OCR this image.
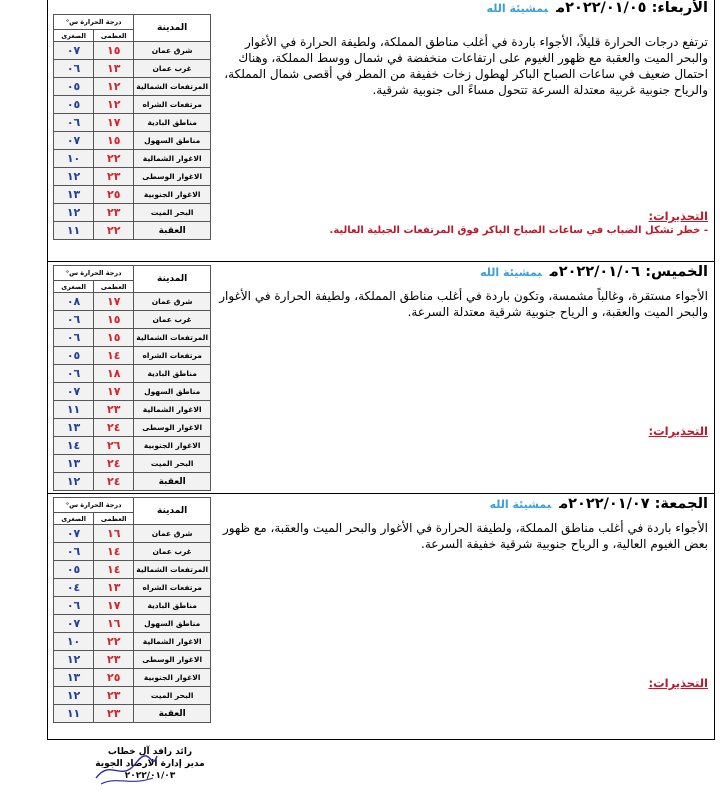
المدينة	درجة الحرارة س°	
	العظمى	الصغرى
شرق عمان	١٥	٠٧
غرب عمان	١٣	٠٦
المرتفعات الشمالية	١٢	٠٥
مرتفعات الشراه	١٢	٠٥
مناطق البادية	١٧	٠٦
مناطق السهول	١٥	٠٧
الاغوار الشمالية	٢٢	١٠
الاغوار الوسطى	٢٣	١٢
الاغوار الجنوبية	٢٥	١٣
البحر الميت	٢٣	١٢
العقبة	٢٢	١١
الأربعاء: ٢٠٢٢/٠١/٠٥مبمشيئة الله
ترتفع درجات الحرارة قليلاً، الأجواء باردة في أغلب مناطق المملكة، ولطيفة الحرارة في الأغوار والبحر الميت والعقبة مع ظهور الغيوم على ارتفاعات منخفضة في شمال ووسط المملكة، وهناك احتمال ضعيف في ساعات الصباح الباكر لهطول زخات خفيفة من المطر في أقصى شمال المملكة، والرياح جنوبية غربية معتدلة السرعة تتحول مساءً الى جنوبية شرقية.
التحذيرات:
- خطر تشكل الضباب في ساعات الصباح الباكر فوق المرتفعات الجبلية العالية.
المدينة	درجة الحرارة س°	
	العظمى	الصغرى
شرق عمان	١٧	٠٨
غرب عمان	١٥	٠٦
المرتفعات الشمالية	١٥	٠٦
مرتفعات الشراه	١٤	٠٥
مناطق البادية	١٨	٠٦
مناطق السهول	١٧	٠٧
الاغوار الشمالية	٢٣	١١
الاغوار الوسطى	٢٤	١٣
الاغوار الجنوبية	٢٦	١٤
البحر الميت	٢٤	١٣
العقبة	٢٤	١٢
الخميس: ٢٠٢٢/٠١/٠٦مبمشيئة الله
الأجواء مستقرة، وغالباً مشمسة، وتكون باردة في أغلب مناطق المملكة، ولطيفة الحرارة في الأغوار والبحر الميت والعقبة، و الرياح جنوبية شرقية معتدلة السرعة.
التحذيرات:
المدينة	درجة الحرارة س°	
	العظمى	الصغرى
شرق عمان	١٦	٠٧
غرب عمان	١٤	٠٦
المرتفعات الشمالية	١٤	٠٥
مرتفعات الشراه	١٣	٠٤
مناطق البادية	١٧	٠٦
مناطق السهول	١٦	٠٧
الاغوار الشمالية	٢٢	١٠
الاغوار الوسطى	٢٣	١٢
الاغوار الجنوبية	٢٥	١٣
البحر الميت	٢٣	١٢
العقبة	٢٣	١١
الجمعة: ٢٠٢٢/٠١/٠٧مبمشيئة الله
الأجواء باردة في أغلب مناطق المملكة، ولطيفة الحرارة في الأغوار والبحر الميت والعقبة، مع ظهور بعض الغيوم العالية، و الرياح جنوبية شرقية خفيفة السرعة.
التحذيرات:
رائد رافد آل خطاب
مدير إدارة الارصاد الجوية
٢٠٢٢/٠١/٠٣
